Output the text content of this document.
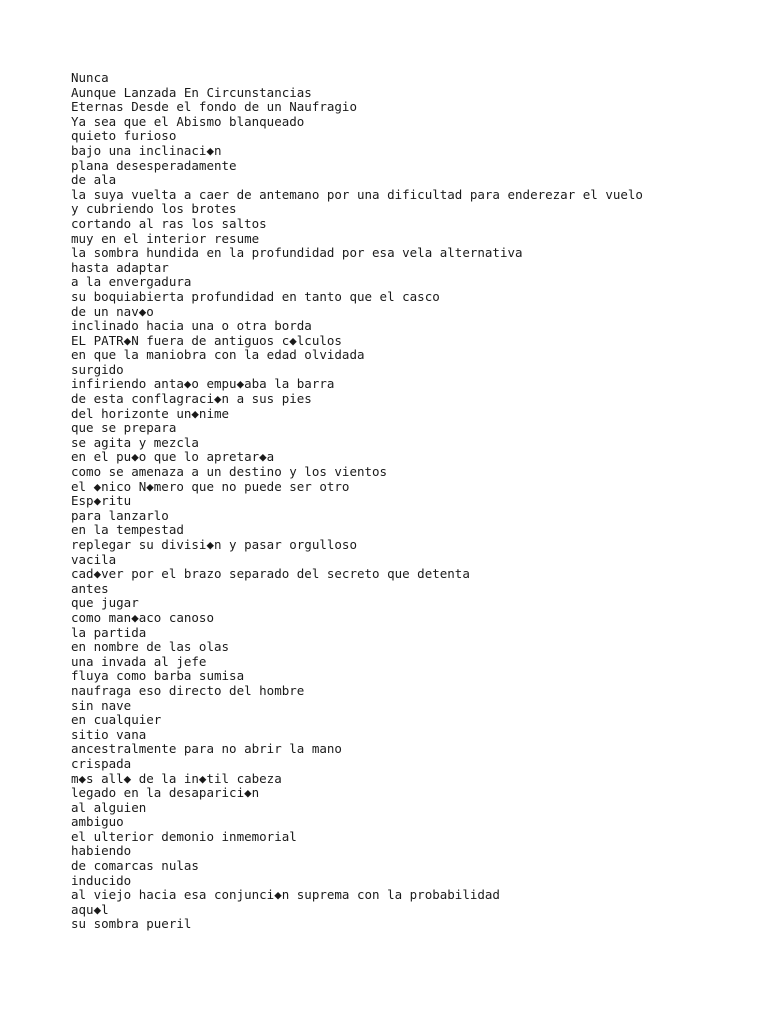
Nunca
Aunque Lanzada En Circunstancias
Eternas Desde el fondo de un Naufragio
Ya sea que el Abismo blanqueado
quieto furioso
bajo una inclinaci◆n
plana desesperadamente
de ala
la suya vuelta a caer de antemano por una dificultad para enderezar el vuelo
y cubriendo los brotes
cortando al ras los saltos
muy en el interior resume
la sombra hundida en la profundidad por esa vela alternativa
hasta adaptar
a la envergadura
su boquiabierta profundidad en tanto que el casco
de un nav◆o
inclinado hacia una o otra borda
EL PATR◆N fuera de antiguos c◆lculos
en que la maniobra con la edad olvidada
surgido
infiriendo anta◆o empu◆aba la barra
de esta conflagraci◆n a sus pies
del horizonte un◆nime
que se prepara
se agita y mezcla
en el pu◆o que lo apretar◆a
como se amenaza a un destino y los vientos
el ◆nico N◆mero que no puede ser otro
Esp◆ritu
para lanzarlo
en la tempestad
replegar su divisi◆n y pasar orgulloso
vacila
cad◆ver por el brazo separado del secreto que detenta
antes
que jugar
como man◆aco canoso
la partida
en nombre de las olas
una invada al jefe
fluya como barba sumisa
naufraga eso directo del hombre
sin nave
en cualquier
sitio vana
ancestralmente para no abrir la mano
crispada
m◆s all◆ de la in◆til cabeza
legado en la desaparici◆n
al alguien
ambiguo
el ulterior demonio inmemorial
habiendo
de comarcas nulas
inducido
al viejo hacia esa conjunci◆n suprema con la probabilidad
aqu◆l
su sombra pueril
